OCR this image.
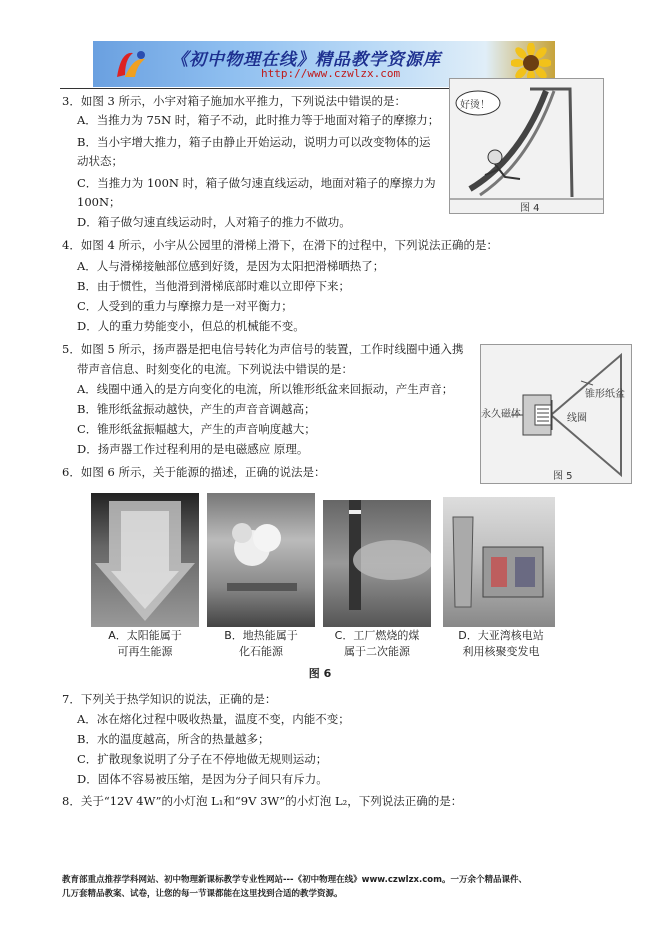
《初中物理在线》精品教学资源库
http://www.czwlzx.com
3．如图 3 所示，小宇对箱子施加水平推力，下列说法中错误的是：
A．当推力为 75N 时，箱子不动，此时推力等于地面对箱子的摩擦力；
B．当小宇增大推力，箱子由静止开始运动，说明力可以改变物体的运
动状态；
C．当推力为 100N 时，箱子做匀速直线运动，地面对箱子的摩擦力为
100N；
D．箱子做匀速直线运动时，人对箱子的推力不做功。
好烫！
图 4
4．如图 4 所示，小宇从公园里的滑梯上滑下，在滑下的过程中，下列说法正确的是：
A．人与滑梯接触部位感到好烫，是因为太阳把滑梯晒热了；
B．由于惯性，当他滑到滑梯底部时难以立即停下来；
C．人受到的重力与摩擦力是一对平衡力；
D．人的重力势能变小，但总的机械能不变。
5．如图 5 所示，扬声器是把电信号转化为声信号的装置，工作时线圈中通入携
带声音信息、时刻变化的电流。下列说法中错误的是：
A．线圈中通入的是方向变化的电流，所以锥形纸盆来回振动，产生声音；
B．锥形纸盆振动越快，产生的声音音调越高；
C．锥形纸盆振幅越大，产生的声音响度越大；
D．扬声器工作过程利用的是电磁感应 原理。
锥形纸盆
永久磁体	线圈
图 5
6．如图 6 所示，关于能源的描述，正确的说法是：
A．太阳能属于
可再生能源
B．地热能属于
化石能源
C．工厂燃烧的煤
属于二次能源
D．大亚湾核电站
利用核聚变发电
图 6
7．下列关于热学知识的说法，正确的是：
A．冰在熔化过程中吸收热量，温度不变，内能不变；
B．水的温度越高，所含的热量越多；
C．扩散现象说明了分子在不停地做无规则运动；
D．固体不容易被压缩，是因为分子间只有斥力。
8．关于“12V 4W”的小灯泡 L₁和“9V 3W”的小灯泡 L₂，下列说法正确的是：
教育部重点推荐学科网站、初中物理新课标教学专业性网站---《初中物理在线》www.czwlzx.com。一万余个精品课件、
几万套精品教案、试卷，让您的每一节课都能在这里找到合适的教学资源。
